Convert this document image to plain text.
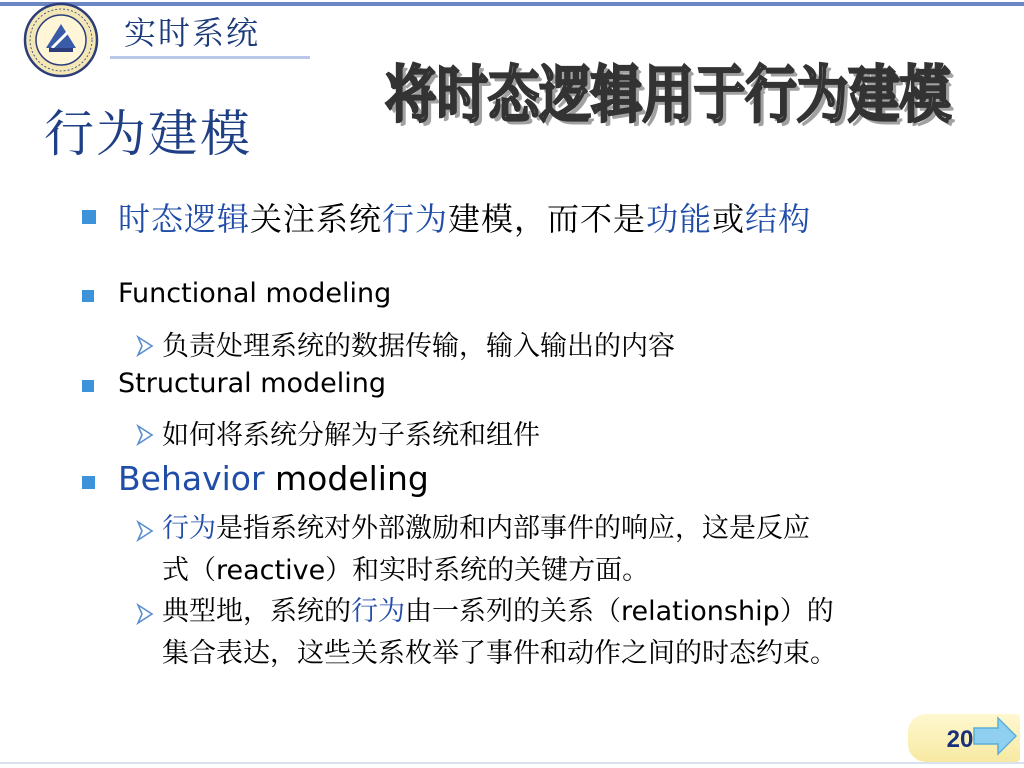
实时系统
行为建模 将时态逻辑用于行为建模
将时态逻辑用于行为建模
时态逻辑关注系统行为建模，而不是功能或结构
Functional modeling
负责处理系统的数据传输，输入输出的内容
Structural modeling
如何将系统分解为子系统和组件
Behavior modeling
行为是指系统对外部激励和内部事件的响应，这是反应
式（reactive）和实时系统的关键方面。
典型地，系统的行为由一系列的关系（relationship）的
集合表达，这些关系枚举了事件和动作之间的时态约束。
20
